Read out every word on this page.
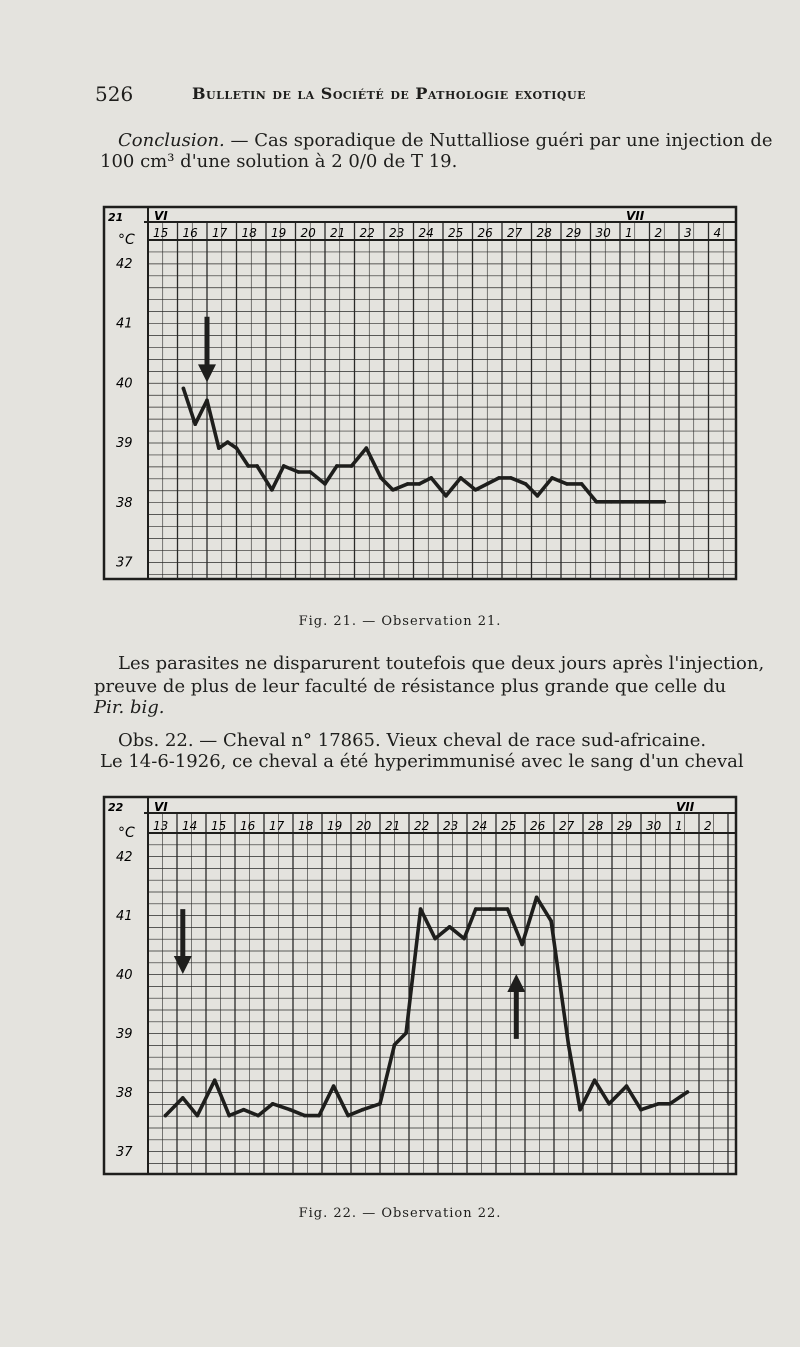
526	Bulletin de la Société de Pathologie exotique
Conclusion. — Cas sporadique de Nuttalliose guéri par une injection de
100 cm³ d'une solution à 2 0/0 de T 19.
21
°C
VI	VII
15 16 17 18 19 20 21 22 23 24 25 26 27 28 29 30 1 2 3 4
42
41
40
39
38
37
Fig. 21. — Observation 21.
Les parasites ne disparurent toutefois que deux jours après l'injection,
preuve de plus de leur faculté de résistance plus grande que celle du
Pir. big.
Obs. 22. — Cheval n° 17865. Vieux cheval de race sud-africaine.
Le 14-6-1926, ce cheval a été hyperimmunisé avec le sang d'un cheval
22
°C
VI	VII
13 14 15 16 17 18 19 20 21 22 23 24 25 26 27 28 29 30 1 2
42
41
40
39
38
37
Fig. 22. — Observation 22.
